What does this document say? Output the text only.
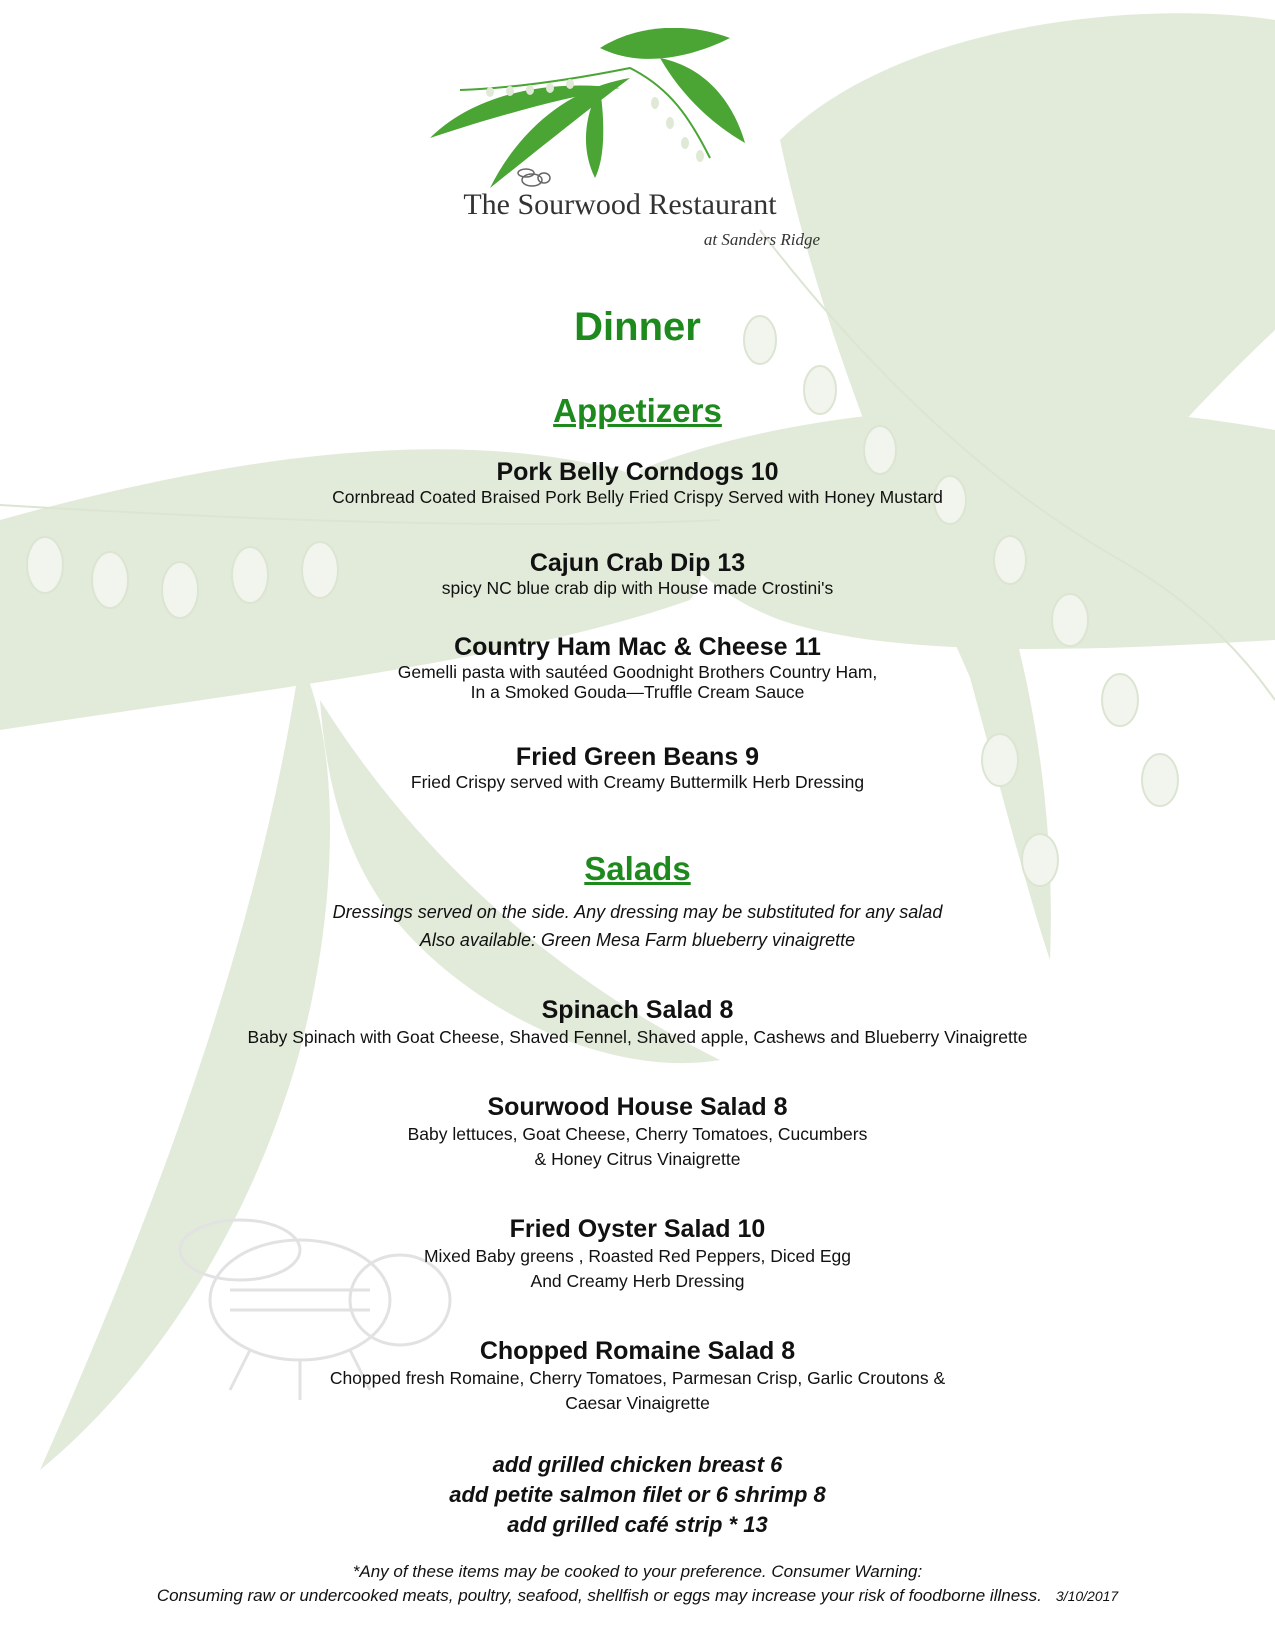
The Sourwood Restaurant
at Sanders Ridge
Dinner
Appetizers
Pork Belly Corndogs 10
Cornbread Coated Braised Pork Belly Fried Crispy Served with Honey Mustard
Cajun Crab Dip 13
spicy NC blue crab dip with House made Crostini's
Country Ham Mac & Cheese 11
Gemelli pasta with sautéed Goodnight Brothers Country Ham,
In a Smoked Gouda—Truffle Cream Sauce
Fried Green Beans 9
Fried Crispy served with Creamy Buttermilk Herb Dressing
Salads
Dressings served on the side. Any dressing may be substituted for any salad
Also available: Green Mesa Farm blueberry vinaigrette
Spinach Salad 8
Baby Spinach with Goat Cheese, Shaved Fennel, Shaved apple, Cashews and Blueberry Vinaigrette
Sourwood House Salad 8
Baby lettuces, Goat Cheese, Cherry Tomatoes, Cucumbers
& Honey Citrus Vinaigrette
Fried Oyster Salad 10
Mixed Baby greens , Roasted Red Peppers, Diced Egg
And Creamy Herb Dressing
Chopped Romaine Salad 8
Chopped fresh Romaine, Cherry Tomatoes, Parmesan Crisp, Garlic Croutons &
Caesar Vinaigrette
add grilled chicken breast 6
add petite salmon filet or 6 shrimp 8
add grilled café strip * 13
*Any of these items may be cooked to your preference. Consumer Warning:
Consuming raw or undercooked meats, poultry, seafood, shellfish or eggs may increase your risk of foodborne illness. 3/10/2017
